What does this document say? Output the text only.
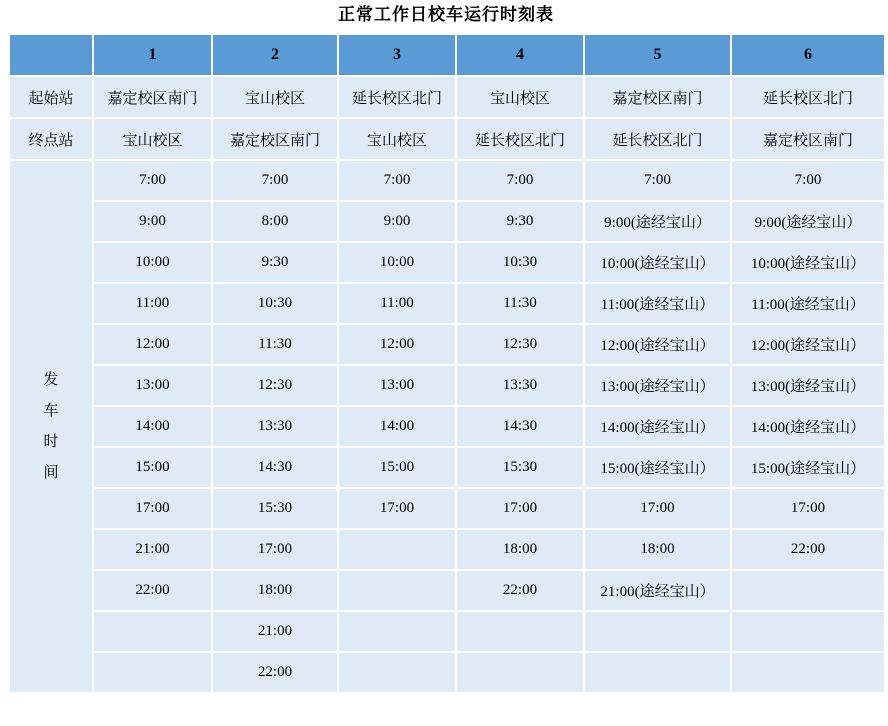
正常工作日校车运行时刻表
	1	2	3	4	5	6
起始站	嘉定校区南门	宝山校区	延长校区北门	宝山校区	嘉定校区南门	延长校区北门
终点站	宝山校区	嘉定校区南门	宝山校区	延长校区北门	延长校区北门	嘉定校区南门

发
车
时
间	7:00	7:00	7:00	7:00	7:00	7:00
	9:00	8:00	9:00	9:30	9:00(途经宝山）	9:00(途经宝山）
	10:00	9:30	10:00	10:30	10:00(途经宝山）	10:00(途经宝山）
	11:00	10:30	11:00	11:30	11:00(途经宝山）	11:00(途经宝山）
	12:00	11:30	12:00	12:30	12:00(途经宝山）	12:00(途经宝山）
	13:00	12:30	13:00	13:30	13:00(途经宝山）	13:00(途经宝山）
	14:00	13:30	14:00	14:30	14:00(途经宝山）	14:00(途经宝山）
	15:00	14:30	15:00	15:30	15:00(途经宝山）	15:00(途经宝山）
	17:00	15:30	17:00	17:00	17:00	17:00
	21:00	17:00		18:00	18:00	22:00
	22:00	18:00		22:00	21:00(途经宝山）	
		21:00				
		22:00				
